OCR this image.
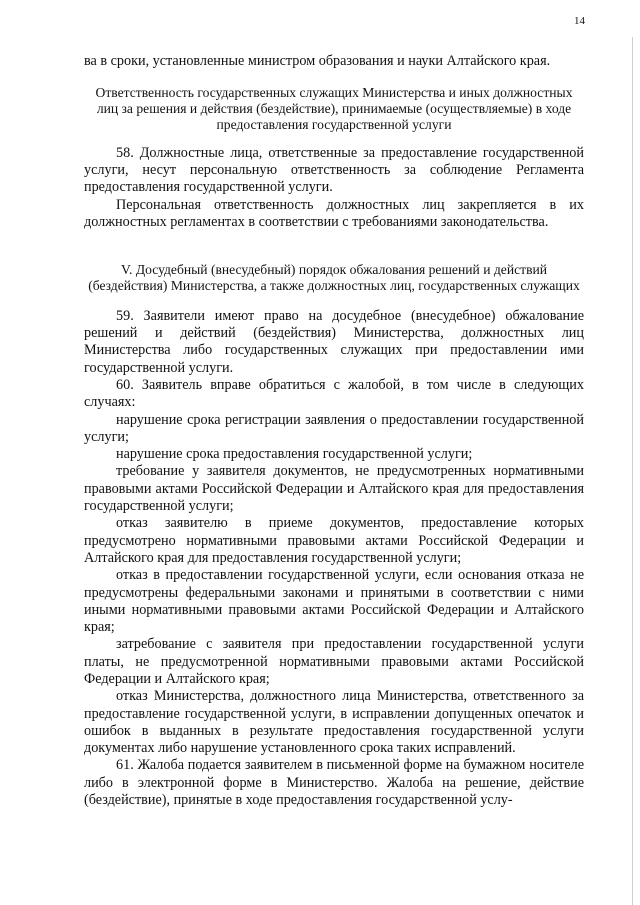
14

ва в сроки, установленные министром образования и науки Алтайского края.

Ответственность государственных служащих Министерства и иных должностных лиц за решения и действия (бездействие), принимаемые (осуществляемые) в ходе предоставления государственной услуги

58. Должностные лица, ответственные за предоставление государственной услуги, несут персональную ответственность за соблюдение Регламента предоставления государственной услуги.

Персональная ответственность должностных лиц закрепляется в их должностных регламентах в соответствии с требованиями законодательства.

V. Досудебный (внесудебный) порядок обжалования решений и действий (бездействия) Министерства, а также должностных лиц, государственных служащих

59. Заявители имеют право на досудебное (внесудебное) обжалование решений и действий (бездействия) Министерства, должностных лиц Министерства либо государственных служащих при предоставлении ими государственной услуги.

60. Заявитель вправе обратиться с жалобой, в том числе в следующих случаях:

нарушение срока регистрации заявления о предоставлении государственной услуги;

нарушение срока предоставления государственной услуги;

требование у заявителя документов, не предусмотренных нормативными правовыми актами Российской Федерации и Алтайского края для предоставления государственной услуги;

отказ заявителю в приеме документов, предоставление которых предусмотрено нормативными правовыми актами Российской Федерации и Алтайского края для предоставления государственной услуги;

отказ в предоставлении государственной услуги, если основания отказа не предусмотрены федеральными законами и принятыми в соответствии с ними иными нормативными правовыми актами Российской Федерации и Алтайского края;

затребование с заявителя при предоставлении государственной услуги платы, не предусмотренной нормативными правовыми актами Российской Федерации и Алтайского края;

отказ Министерства, должностного лица Министерства, ответственного за предоставление государственной услуги, в исправлении допущенных опечаток и ошибок в выданных в результате предоставления государственной услуги документах либо нарушение установленного срока таких исправлений.

61. Жалоба подается заявителем в письменной форме на бумажном носителе либо в электронной форме в Министерство. Жалоба на решение, действие (бездействие), принятые в ходе предоставления государственной услу-
